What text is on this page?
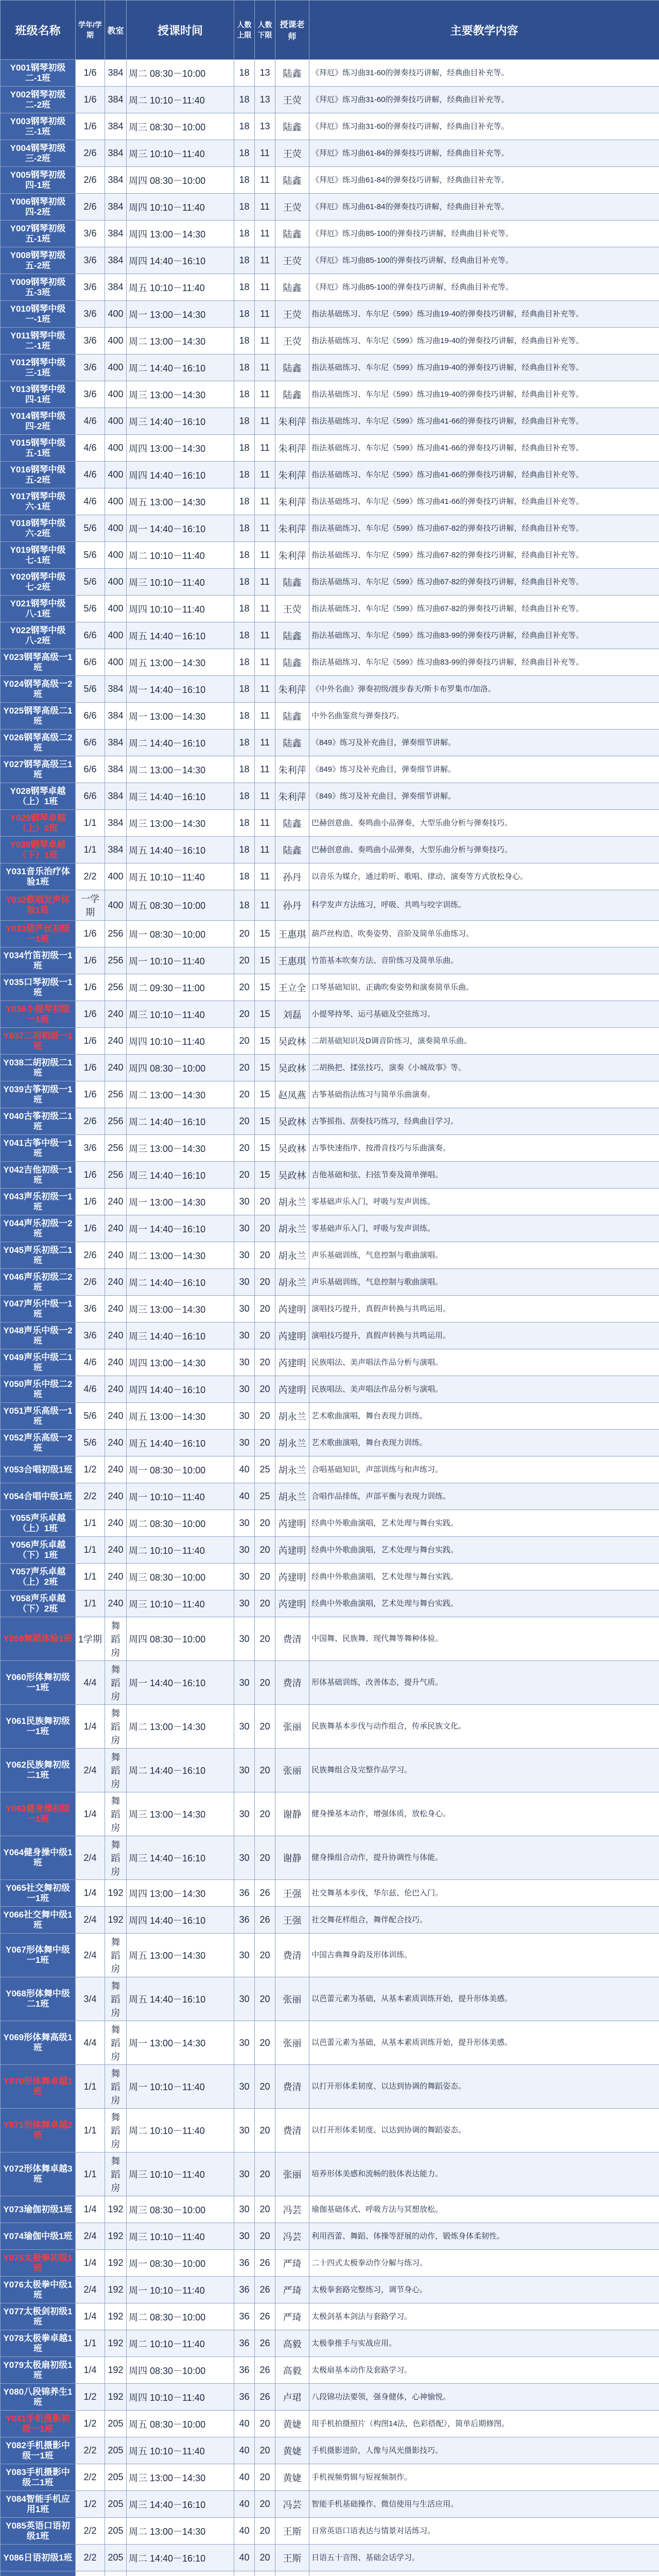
班级名称	学年/学期	教室	授课时间	人数上限	人数下限	授课老师	主要教学内容
Y001钢琴初级二-1班	1/6	384	周二 08:30－10:00	18	13	陆鑫	《拜厄》练习曲31-60的弹奏技巧讲解，经典曲目补充等。
Y002钢琴初级二-2班	1/6	384	周二 10:10－11:40	18	13	王荧	《拜厄》练习曲31-60的弹奏技巧讲解，经典曲目补充等。
Y003钢琴初级三-1班	1/6	384	周三 08:30－10:00	18	13	陆鑫	《拜厄》练习曲31-60的弹奏技巧讲解，经典曲目补充等。
Y004钢琴初级三-2班	2/6	384	周三 10:10－11:40	18	11	王荧	《拜厄》练习曲61-84的弹奏技巧讲解，经典曲目补充等。
Y005钢琴初级四-1班	2/6	384	周四 08:30－10:00	18	11	陆鑫	《拜厄》练习曲61-84的弹奏技巧讲解，经典曲目补充等。
Y006钢琴初级四-2班	2/6	384	周四 10:10－11:40	18	11	王荧	《拜厄》练习曲61-84的弹奏技巧讲解，经典曲目补充等。
Y007钢琴初级五-1班	3/6	384	周四 13:00－14:30	18	11	陆鑫	《拜厄》练习曲85-100的弹奏技巧讲解，经典曲目补充等。
Y008钢琴初级五-2班	3/6	384	周四 14:40－16:10	18	11	王荧	《拜厄》练习曲85-100的弹奏技巧讲解，经典曲目补充等。
Y009钢琴初级五-3班	3/6	384	周五 10:10－11:40	18	11	陆鑫	《拜厄》练习曲85-100的弹奏技巧讲解，经典曲目补充等。
Y010钢琴中级一-1班	3/6	400	周一 13:00－14:30	18	11	王荧	指法基础练习、车尔尼《599》练习曲19-40的弹奏技巧讲解，经典曲目补充等。
Y011钢琴中级二-1班	3/6	400	周二 13:00－14:30	18	11	王荧	指法基础练习、车尔尼《599》练习曲19-40的弹奏技巧讲解，经典曲目补充等。
Y012钢琴中级三-1班	3/6	400	周二 14:40－16:10	18	11	陆鑫	指法基础练习、车尔尼《599》练习曲19-40的弹奏技巧讲解，经典曲目补充等。
Y013钢琴中级四-1班	3/6	400	周三 13:00－14:30	18	11	陆鑫	指法基础练习、车尔尼《599》练习曲19-40的弹奏技巧讲解，经典曲目补充等。
Y014钢琴中级四-2班	4/6	400	周三 14:40－16:10	18	11	朱利萍	指法基础练习、车尔尼《599》练习曲41-66的弹奏技巧讲解，经典曲目补充等。
Y015钢琴中级五-1班	4/6	400	周四 13:00－14:30	18	11	朱利萍	指法基础练习、车尔尼《599》练习曲41-66的弹奏技巧讲解，经典曲目补充等。
Y016钢琴中级五-2班	4/6	400	周四 14:40－16:10	18	11	朱利萍	指法基础练习、车尔尼《599》练习曲41-66的弹奏技巧讲解，经典曲目补充等。
Y017钢琴中级六-1班	4/6	400	周五 13:00－14:30	18	11	朱利萍	指法基础练习、车尔尼《599》练习曲41-66的弹奏技巧讲解，经典曲目补充等。
Y018钢琴中级六-2班	5/6	400	周一 14:40－16:10	18	11	朱利萍	指法基础练习、车尔尼《599》练习曲67-82的弹奏技巧讲解，经典曲目补充等。
Y019钢琴中级七-1班	5/6	400	周二 10:10－11:40	18	11	朱利萍	指法基础练习、车尔尼《599》练习曲67-82的弹奏技巧讲解，经典曲目补充等。
Y020钢琴中级七-2班	5/6	400	周三 10:10－11:40	18	11	陆鑫	指法基础练习、车尔尼《599》练习曲67-82的弹奏技巧讲解，经典曲目补充等。
Y021钢琴中级八-1班	5/6	400	周四 10:10－11:40	18	11	王荧	指法基础练习、车尔尼《599》练习曲67-82的弹奏技巧讲解，经典曲目补充等。
Y022钢琴中级八-2班	6/6	400	周五 14:40－16:10	18	11	陆鑫	指法基础练习、车尔尼《599》练习曲83-99的弹奏技巧讲解，经典曲目补充等。
Y023钢琴高级一1班	6/6	400	周五 13:00－14:30	18	11	陆鑫	指法基础练习、车尔尼《599》练习曲83-99的弹奏技巧讲解，经典曲目补充等。
Y024钢琴高级一2班	5/6	384	周一 14:40－16:10	18	11	朱利萍	《中外名曲》弹奏初级/渡步春天/斯卡布罗集市/加洛。
Y025钢琴高级二1班	6/6	384	周一 13:00－14:30	18	11	陆鑫	中外名曲鉴赏与弹奏技巧。
Y026钢琴高级二2班	6/6	384	周二 14:40－16:10	18	11	陆鑫	《849》练习及补充曲目，弹奏细节讲解。
Y027钢琴高级三1班	6/6	384	周二 13:00－14:30	18	11	朱利萍	《849》练习及补充曲目，弹奏细节讲解。
Y028钢琴卓越（上）1班	6/6	384	周三 14:40－16:10	18	11	朱利萍	《849》练习及补充曲目，弹奏细节讲解。
Y029钢琴卓越（上）2班	1/1	384	周三 13:00－14:30	18	11	陆鑫	巴赫创意曲、奏鸣曲小品弹奏，大型乐曲分析与弹奏技巧。
Y030钢琴卓越（下）1班	1/1	384	周五 14:40－16:10	18	11	陆鑫	巴赫创意曲、奏鸣曲小品弹奏，大型乐曲分析与弹奏技巧。
Y031音乐治疗体验1班	2/2	400	周五 10:10－11:40	18	11	孙丹	以音乐为媒介，通过聆听、歌唱、律动、演奏等方式放松身心。
Y032歌唱发声体验1班	一学期	400	周五 08:30－10:00	18	11	孙丹	科学发声方法练习，呼吸、共鸣与咬字训练。
Y033葫芦丝初级一1班	1/6	256	周一 08:30－10:00	20	15	王惠琪	葫芦丝构造、吹奏姿势、音阶及简单乐曲练习。
Y034竹笛初级一1班	1/6	256	周一 10:10－11:40	20	15	王惠琪	竹笛基本吹奏方法、音阶练习及简单乐曲。
Y035口琴初级一1班	1/6	256	周二 09:30－11:00	20	15	王立全	口琴基础知识、正确吹奏姿势和演奏简单乐曲。
Y036小提琴初级一1班	1/6	240	周三 10:10－11:40	20	15	刘磊	小提琴持琴、运弓基础及空弦练习。
Y037二胡初级一1班	1/6	240	周四 10:10－11:40	20	15	吴政林	二胡基础知识及D调音阶练习，演奏简单乐曲。
Y038二胡初级二1班	1/6	240	周四 08:30－10:00	20	15	吴政林	二胡换把、揉弦技巧，演奏《小城故事》等。
Y039古筝初级一1班	1/6	256	周二 13:00－14:30	20	15	赵凤燕	古筝基础指法练习与简单乐曲演奏。
Y040古筝初级二1班	2/6	256	周二 14:40－16:10	20	15	吴政林	古筝摇指、刮奏技巧练习，经典曲目学习。
Y041古筝中级一1班	3/6	256	周三 13:00－14:30	20	15	吴政林	古筝快速指序、按滑音技巧与乐曲演奏。
Y042吉他初级一1班	1/6	256	周三 14:40－16:10	20	15	吴政林	吉他基础和弦、扫弦节奏及简单弹唱。
Y043声乐初级一1班	1/6	240	周一 13:00－14:30	30	20	胡永兰	零基础声乐入门，呼吸与发声训练。
Y044声乐初级一2班	1/6	240	周一 14:40－16:10	30	20	胡永兰	零基础声乐入门，呼吸与发声训练。
Y045声乐初级二1班	2/6	240	周二 13:00－14:30	30	20	胡永兰	声乐基础训练，气息控制与歌曲演唱。
Y046声乐初级二2班	2/6	240	周二 14:40－16:10	30	20	胡永兰	声乐基础训练，气息控制与歌曲演唱。
Y047声乐中级一1班	3/6	240	周三 13:00－14:30	30	20	芮建明	演唱技巧提升，真假声转换与共鸣运用。
Y048声乐中级一2班	3/6	240	周三 14:40－16:10	30	20	芮建明	演唱技巧提升，真假声转换与共鸣运用。
Y049声乐中级二1班	4/6	240	周四 13:00－14:30	30	20	芮建明	民族唱法、美声唱法作品分析与演唱。
Y050声乐中级二2班	4/6	240	周四 14:40－16:10	30	20	芮建明	民族唱法、美声唱法作品分析与演唱。
Y051声乐高级一1班	5/6	240	周五 13:00－14:30	30	20	胡永兰	艺术歌曲演唱，舞台表现力训练。
Y052声乐高级一2班	5/6	240	周五 14:40－16:10	30	20	胡永兰	艺术歌曲演唱，舞台表现力训练。
Y053合唱初级1班	1/2	240	周一 08:30－10:00	40	25	胡永兰	合唱基础知识，声部训练与和声练习。
Y054合唱中级1班	2/2	240	周一 10:10－11:40	40	25	胡永兰	合唱作品排练，声部平衡与表现力训练。
Y055声乐卓越（上）1班	1/1	240	周二 08:30－10:00	30	20	芮建明	经典中外歌曲演唱，艺术处理与舞台实践。
Y056声乐卓越（下）1班	1/1	240	周二 10:10－11:40	30	20	芮建明	经典中外歌曲演唱，艺术处理与舞台实践。
Y057声乐卓越（上）2班	1/1	240	周三 08:30－10:00	30	20	芮建明	经典中外歌曲演唱，艺术处理与舞台实践。
Y058声乐卓越（下）2班	1/1	240	周三 10:10－11:40	30	20	芮建明	经典中外歌曲演唱，艺术处理与舞台实践。
Y059舞蹈体验1班	1学期	舞蹈房	周四 08:30－10:00	30	20	费清	中国舞、民族舞、现代舞等舞种体验。
Y060形体舞初级一1班	4/4	舞蹈房	周一 14:40－16:10	30	20	费清	形体基础训练，改善体态，提升气质。
Y061民族舞初级一1班	1/4	舞蹈房	周二 13:00－14:30	30	20	张丽	民族舞基本步伐与动作组合，传承民族文化。
Y062民族舞初级二1班	2/4	舞蹈房	周二 14:40－16:10	30	20	张丽	民族舞组合及完整作品学习。
Y063健身操初级一1班	1/4	舞蹈房	周三 13:00－14:30	30	20	谢静	健身操基本动作，增强体质，放松身心。
Y064健身操中级1班	2/4	舞蹈房	周三 14:40－16:10	30	20	谢静	健身操组合动作，提升协调性与体能。
Y065社交舞初级一1班	1/4	192	周四 13:00－14:30	36	26	王强	社交舞基本步伐，华尔兹、伦巴入门。
Y066社交舞中级1班	2/4	192	周四 14:40－16:10	36	26	王强	社交舞花样组合，舞伴配合技巧。
Y067形体舞中级一1班	2/4	舞蹈房	周五 13:00－14:30	30	20	费清	中国古典舞身韵及形体训练。
Y068形体舞中级二1班	3/4	舞蹈房	周五 14:40－16:10	30	20	张丽	以芭蕾元素为基础，从基本素质训练开始，提升形体美感。
Y069形体舞高级1班	4/4	舞蹈房	周一 13:00－14:30	30	20	张丽	以芭蕾元素为基础，从基本素质训练开始，提升形体美感。
Y070形体舞卓越1班	1/1	舞蹈房	周一 10:10－11:40	30	20	费清	以打开形体柔韧度、以达到协调的舞蹈姿态。
Y071形体舞卓越2班	1/1	舞蹈房	周二 10:10－11:40	30	20	费清	以打开形体柔韧度、以达到协调的舞蹈姿态。
Y072形体舞卓越3班	1/1	舞蹈房	周三 10:10－11:40	30	20	张丽	培养形体美感和流畅的肢体表达能力。
Y073瑜伽初级1班	1/4	192	周三 08:30－10:00	30	20	冯芸	瑜伽基础体式、呼吸方法与冥想放松。
Y074瑜伽中级1班	2/4	192	周三 10:10－11:40	30	20	冯芸	利用西蕾、舞蹈、体操等舒展的动作，锻炼身体柔韧性。
Y075太极拳初级1班	1/4	192	周一 08:30－10:00	36	26	严琦	二十四式太极拳动作分解与练习。
Y076太极拳中级1班	2/4	192	周一 10:10－11:40	36	26	严琦	太极拳套路完整练习，调节身心。
Y077太极剑初级1班	1/4	192	周二 08:30－10:00	36	26	严琦	太极剑基本剑法与套路学习。
Y078太极拳卓越1班	1/1	192	周二 10:10－11:40	36	26	高毅	太极拳推手与实战应用。
Y079太极扇初级1班	1/4	192	周四 08:30－10:00	36	26	高毅	太极扇基本动作及套路学习。
Y080八段锦养生1班	1/2	192	周四 10:10－11:40	36	26	卢珺	八段锦功法要领，强身健体，心神愉悦。
Y081手机摄影初级一1班	1/2	205	周五 08:30－10:00	40	20	黄婕	用手机拍摄照片（构图14法，色彩搭配），简单后期修图。
Y082手机摄影中级一1班	2/2	205	周五 10:10－11:40	40	20	黄婕	手机摄影进阶，人像与风光摄影技巧。
Y083手机摄影中级二1班	2/2	205	周三 13:00－14:30	40	20	黄婕	手机视频剪辑与短视频制作。
Y084智能手机应用1班	1/2	205	周三 14:40－16:10	40	20	冯芸	智能手机基础操作、微信使用与生活应用。
Y085英语口语初级1班	2/2	205	周二 13:00－14:30	40	20	王斯	日常英语口语表达与情景对话练习。
Y086日语初级1班	2/2	205	周二 14:40－16:10	40	20	王斯	日语五十音图、基础会话学习。
